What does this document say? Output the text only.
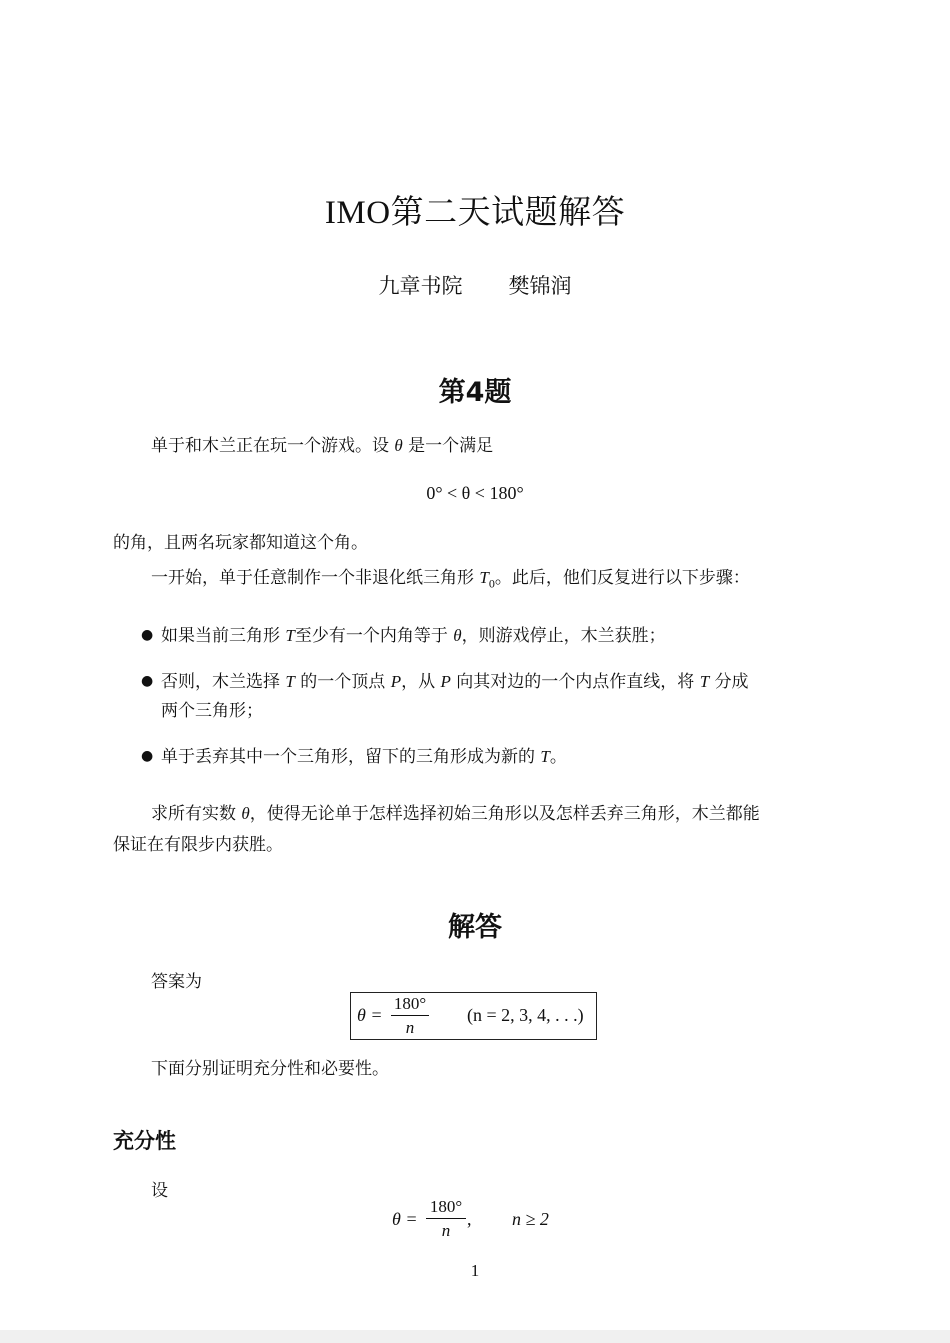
IMO第二天试题解答
九章书院 樊锦润
第4题
单于和木兰正在玩一个游戏。设 θ 是一个满足
0° < θ < 180°
的角，且两名玩家都知道这个角。
一开始，单于任意制作一个非退化纸三角形 $T_0$。此后，他们反复进行以下步骤：
● 如果当前三角形 T至少有一个内角等于 θ，则游戏停止，木兰获胜；
● 否则，木兰选择 T 的一个顶点 P，从 P 向其对边的一个内点作直线，将 T 分成
两个三角形；
● 单于丢弃其中一个三角形，留下的三角形成为新的 T。
求所有实数 θ，使得无论单于怎样选择初始三角形以及怎样丢弃三角形，木兰都能
保证在有限步内获胜。
解答
答案为
θ =
180°
n
(n = 2, 3, 4, . . .)
下面分别证明充分性和必要性。
充分性
设
θ =
180°
n
, n ≥ 2
1
